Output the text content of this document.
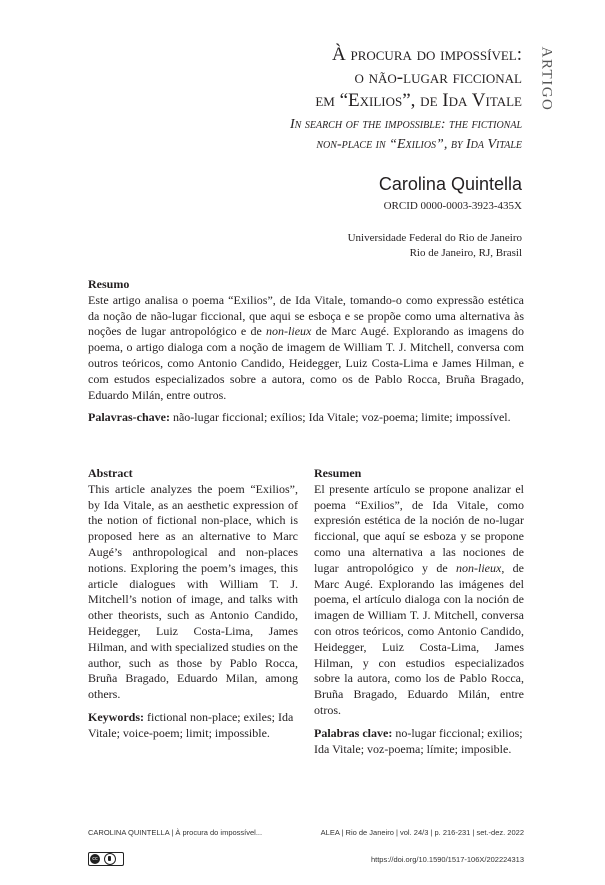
ARTIGO
À procura do impossível:
o não-lugar ficcional
em “Exilios”, de Ida Vitale
In search of the impossible: the fictional
non-place in “Exilios”, by Ida Vitale
Carolina Quintella
ORCID 0000-0003-3923-435X
Universidade Federal do Rio de Janeiro
Rio de Janeiro, RJ, Brasil
Resumo

Este artigo analisa o poema “Exilios”, de Ida Vitale, tomando-o como expressão estética da noção de não-lugar ficcional, que aqui se esboça e se propõe como uma alternativa às noções de lugar antropológico e de non-lieux de Marc Augé. Explorando as imagens do poema, o artigo dialoga com a noção de imagem de William T. J. Mitchell, conversa com outros teóricos, como Antonio Candido, Heidegger, Luiz Costa-Lima e James Hilman, e com estudos especializados sobre a autora, como os de Pablo Rocca, Bruña Bragado, Eduardo Milán, entre outros.

Palavras-chave: não-lugar ficcional; exílios; Ida Vitale; voz-poema; limite; impossível.

Abstract

This article analyzes the poem “Exilios”, by Ida Vitale, as an aesthetic expression of the notion of fictional non-place, which is proposed here as an alternative to Marc Augé’s anthropological and non-places notions. Exploring the poem’s images, this article dialogues with William T. J. Mitchell’s notion of image, and talks with other theorists, such as Antonio Candido, Heidegger, Luiz Costa-Lima, James Hilman, and with specialized studies on the author, such as those by Pablo Rocca, Bruña Bragado, Eduardo Milan, among others.

Keywords: fictional non-place; exiles; Ida Vitale; voice-poem; limit; impossible.

Resumen

El presente artículo se propone analizar el poema “Exilios”, de Ida Vitale, como expresión estética de la noción de no-lugar ficcional, que aquí se esboza y se propone como una alternativa a las nociones de lugar antropológico y de non-lieux, de Marc Augé. Explorando las imágenes del poema, el artículo dialoga con la noción de imagen de William T. J. Mitchell, conversa con otros teóricos, como Antonio Candido, Heidegger, Luiz Costa-Lima, James Hilman, y con estudios especializados sobre la autora, como los de Pablo Rocca, Bruña Bragado, Eduardo Milán, entre otros.

Palabras clave: no-lugar ficcional; exilios; Ida Vitale; voz-poema; límite; imposible.

CAROLINA QUINTELLA | À procura do impossível...	ALEA | Rio de Janeiro | vol. 24/3 | p. 216-231 | set.-dez. 2022
cc	https://doi.org/10.1590/1517-106X/202224313
